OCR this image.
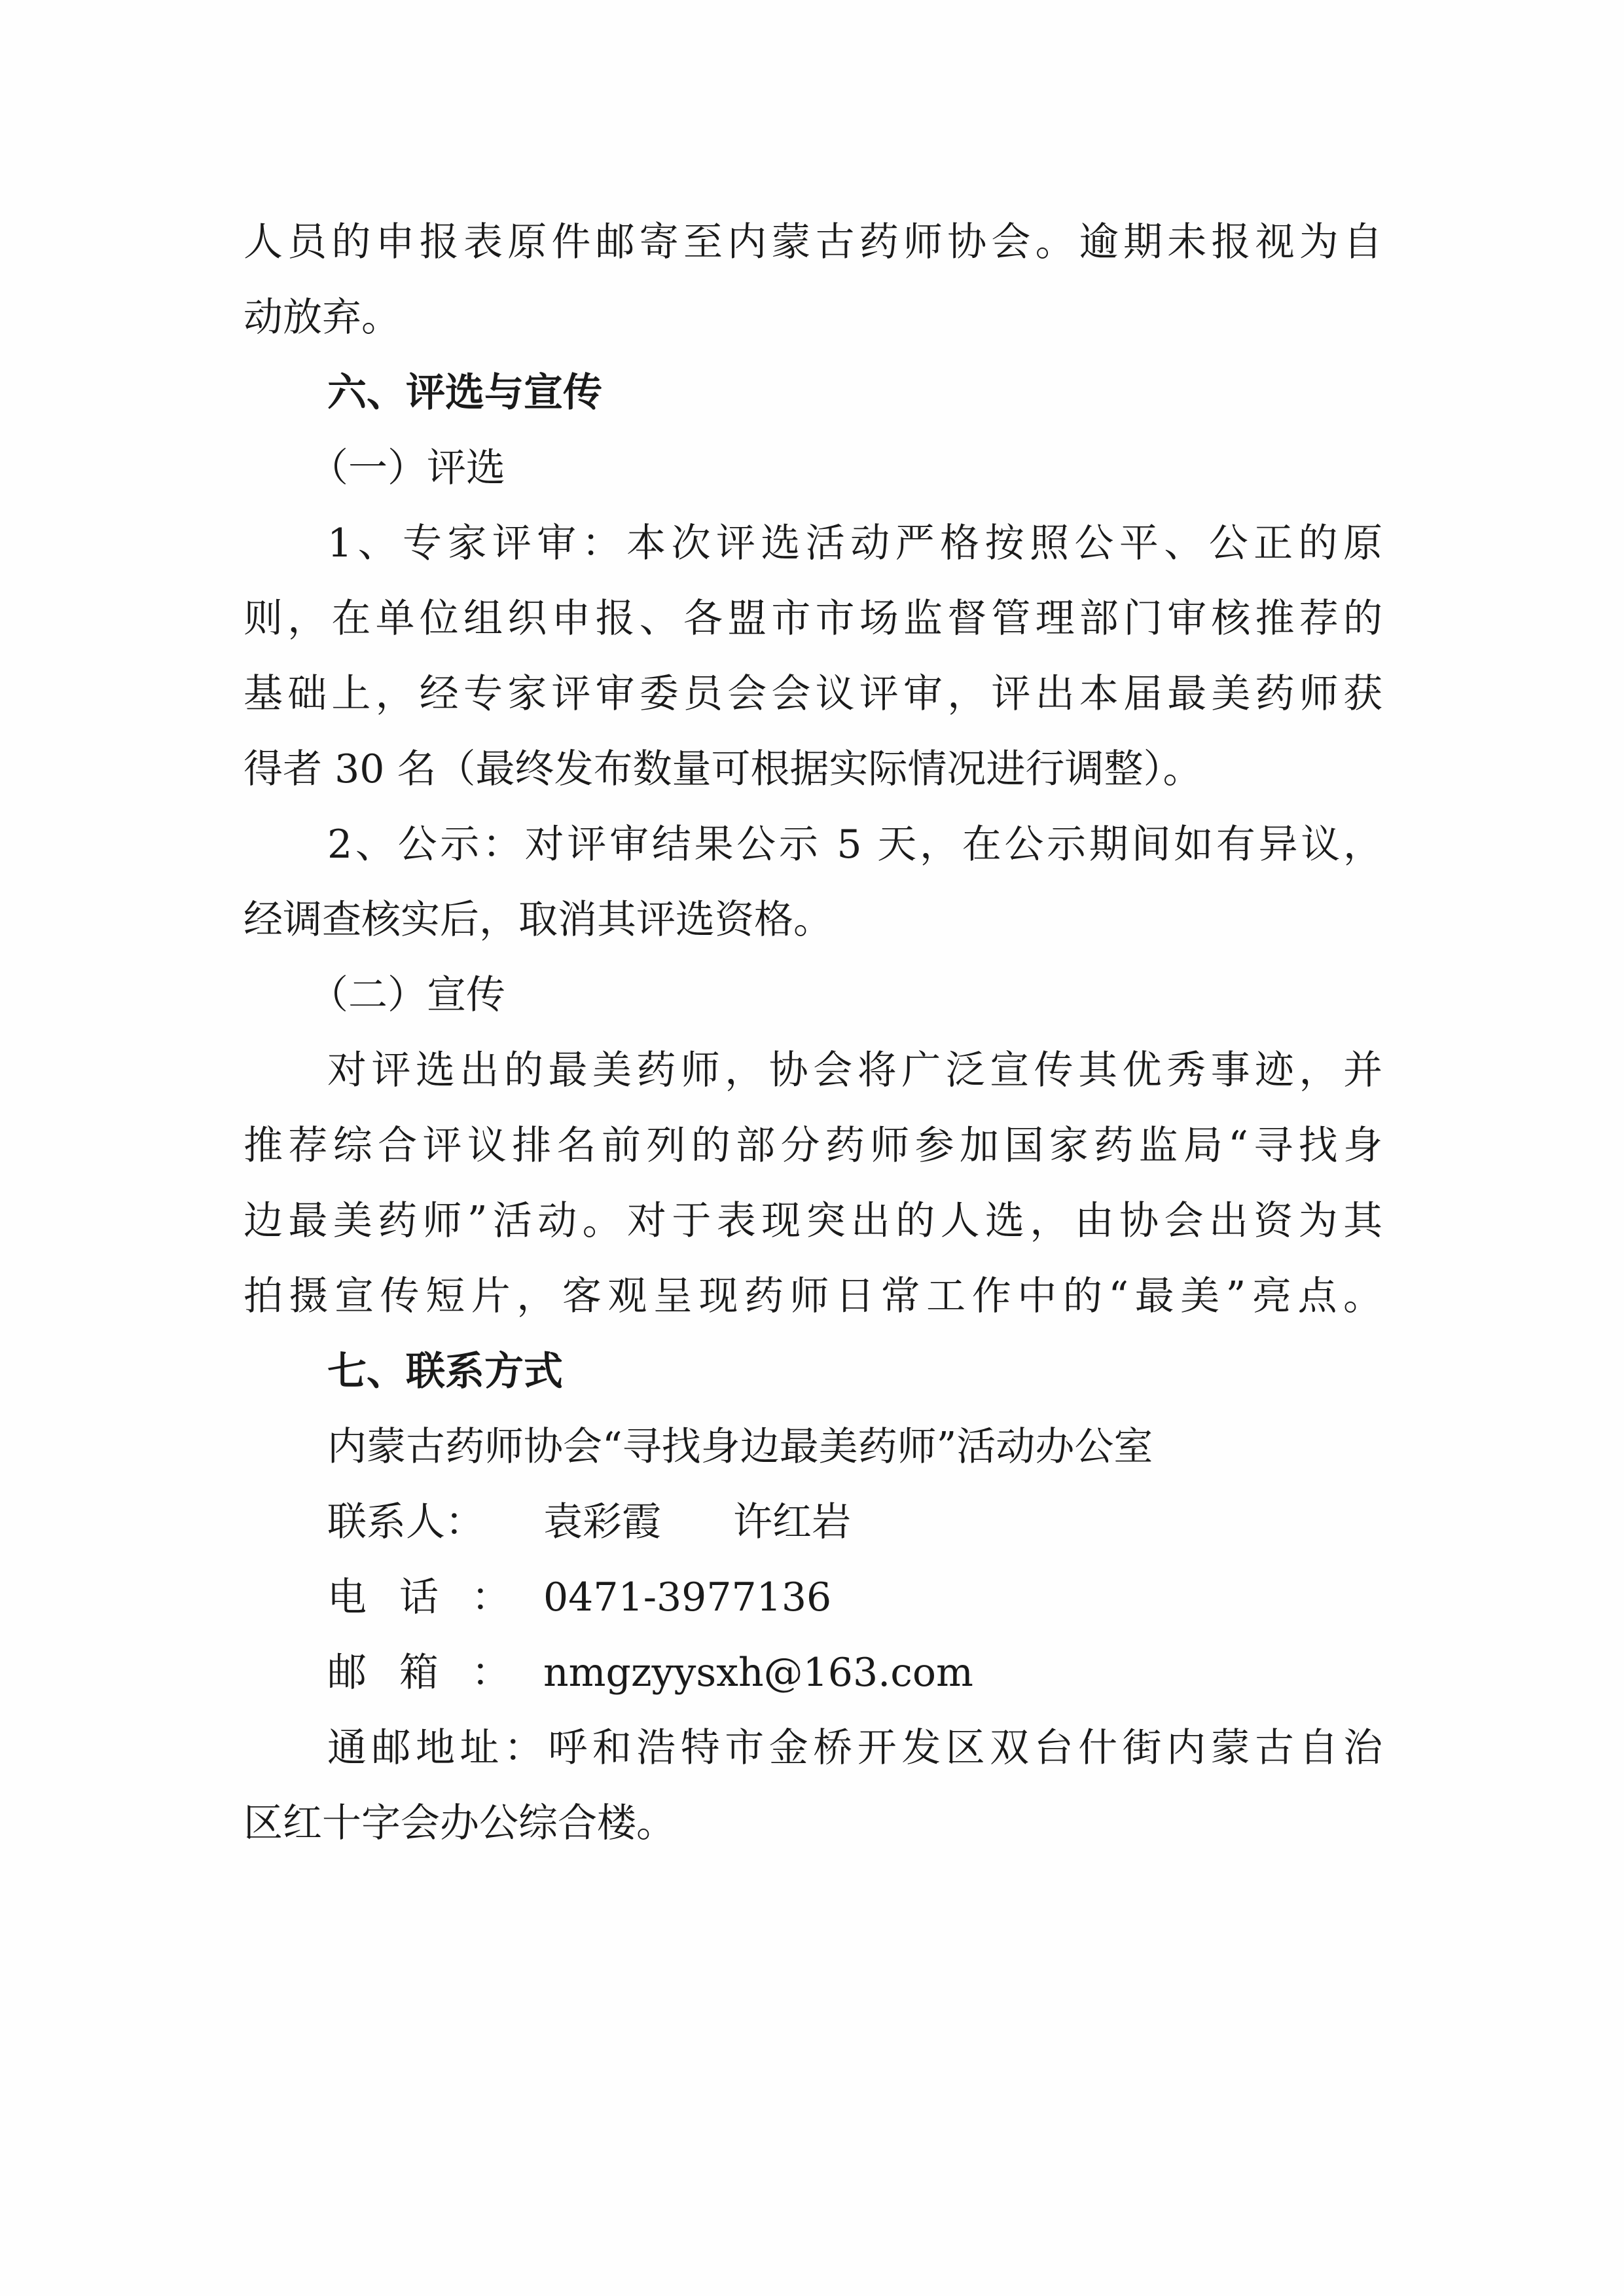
人员的申报表原件邮寄至内蒙古药师协会。逾期未报视为自
动放弃。
六、评选与宣传
（一）评选
1、专家评审：本次评选活动严格按照公平、公正的原
则，在单位组织申报、各盟市市场监督管理部门审核推荐的
基础上，经专家评审委员会会议评审，评出本届最美药师获
得者 30 名（最终发布数量可根据实际情况进行调整）。
2、公示：对评审结果公示 5 天，在公示期间如有异议，
经调查核实后，取消其评选资格。
（二）宣传
对评选出的最美药师，协会将广泛宣传其优秀事迹，并
推荐综合评议排名前列的部分药师参加国家药监局“寻找身
边最美药师”活动。对于表现突出的人选，由协会出资为其
拍摄宣传短片，客观呈现药师日常工作中的“最美”亮点。
七、联系方式
内蒙古药师协会“寻找身边最美药师”活动办公室
联系人： 袁彩霞 许红岩
电话：0471-3977136
邮箱：nmgzyysxh@163.com
通邮地址：呼和浩特市金桥开发区双台什街内蒙古自治
区红十字会办公综合楼。
